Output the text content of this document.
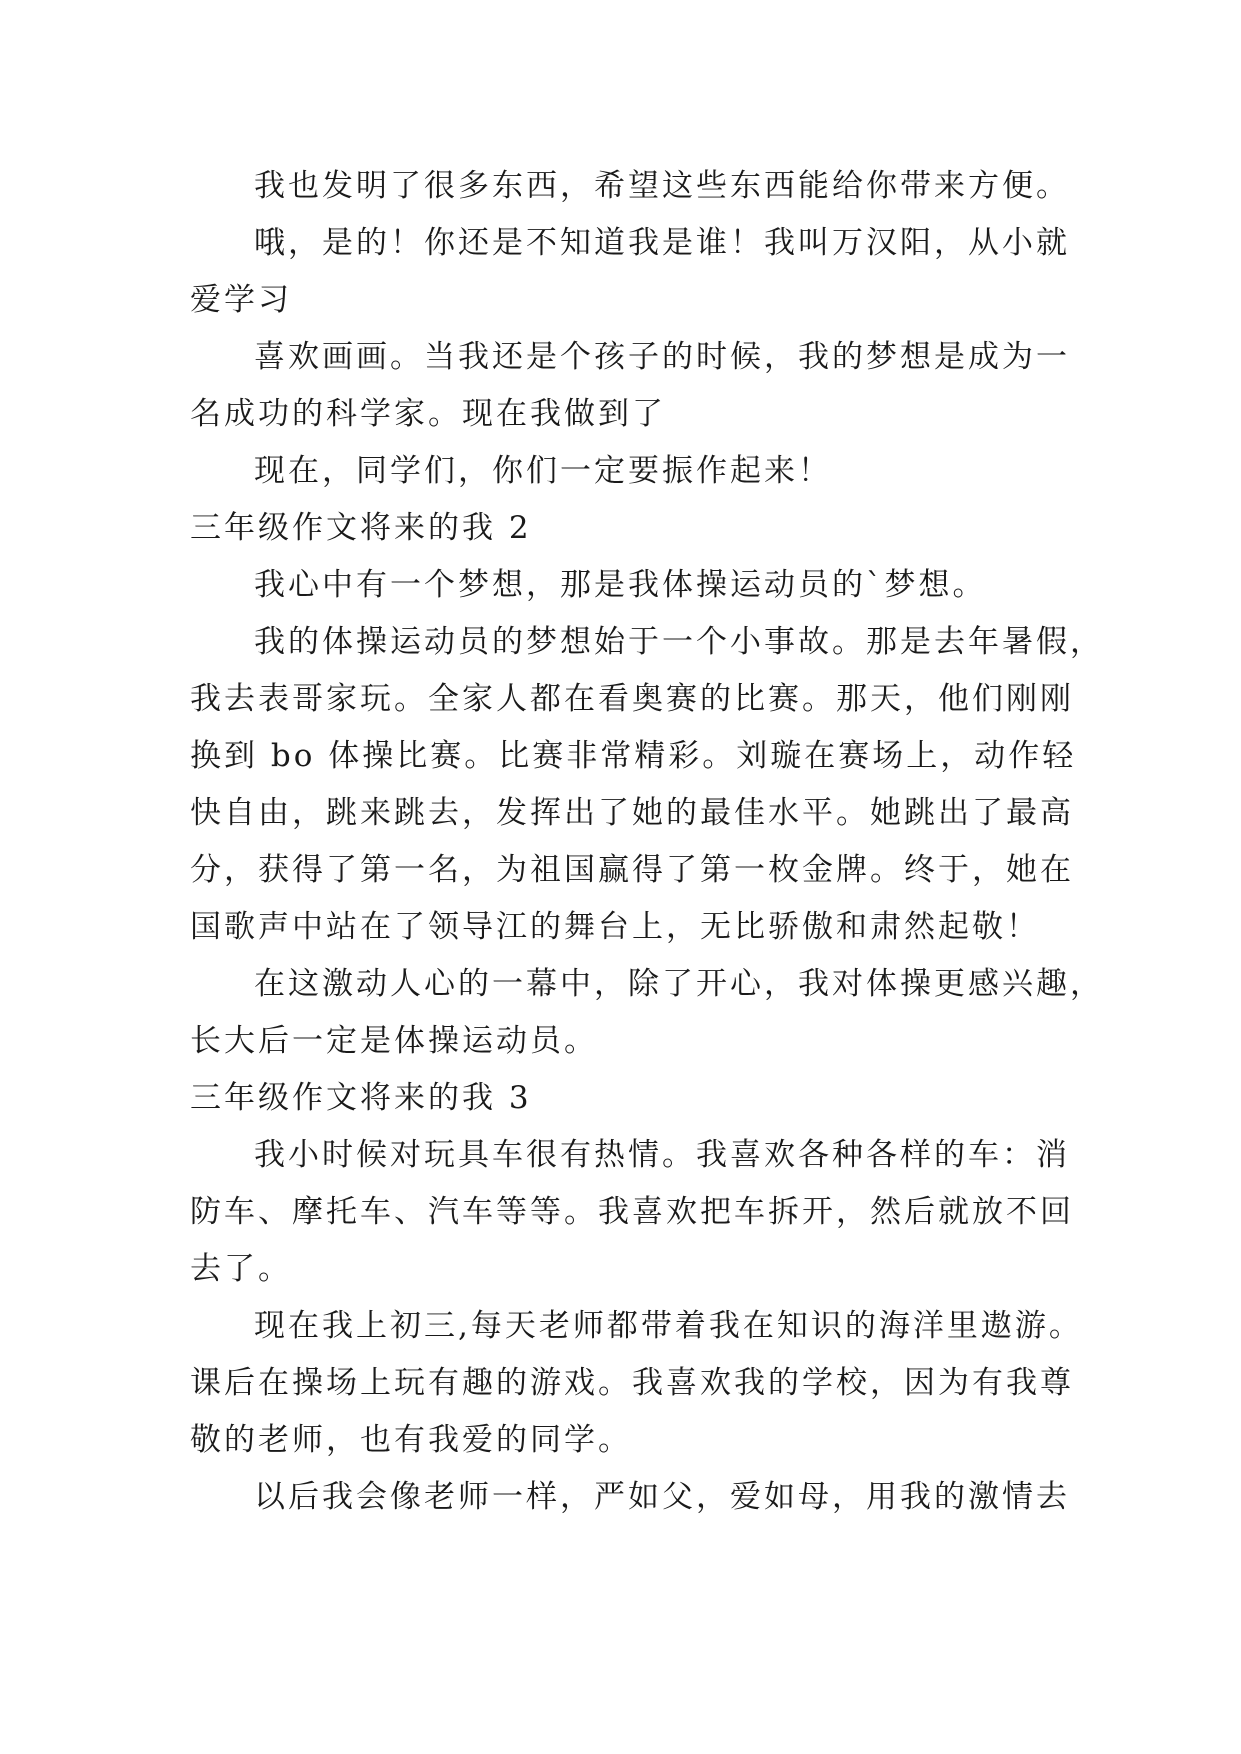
我也发明了很多东西，希望这些东西能给你带来方便。
哦，是的！你还是不知道我是谁！我叫万汉阳，从小就
爱学习
喜欢画画。当我还是个孩子的时候，我的梦想是成为一
名成功的科学家。现在我做到了
现在，同学们，你们一定要振作起来！
三年级作文将来的我 2
我心中有一个梦想，那是我体操运动员的`梦想。
我的体操运动员的梦想始于一个小事故。那是去年暑假，
我去表哥家玩。全家人都在看奥赛的比赛。那天，他们刚刚
换到 bo 体操比赛。比赛非常精彩。刘璇在赛场上，动作轻
快自由，跳来跳去，发挥出了她的最佳水平。她跳出了最高
分，获得了第一名，为祖国赢得了第一枚金牌。终于，她在
国歌声中站在了领导江的舞台上，无比骄傲和肃然起敬！
在这激动人心的一幕中，除了开心，我对体操更感兴趣，
长大后一定是体操运动员。
三年级作文将来的我 3
我小时候对玩具车很有热情。我喜欢各种各样的车：消
防车、摩托车、汽车等等。我喜欢把车拆开，然后就放不回
去了。
现在我上初三,每天老师都带着我在知识的海洋里遨游。
课后在操场上玩有趣的游戏。我喜欢我的学校，因为有我尊
敬的老师，也有我爱的同学。
以后我会像老师一样，严如父，爱如母，用我的激情去
